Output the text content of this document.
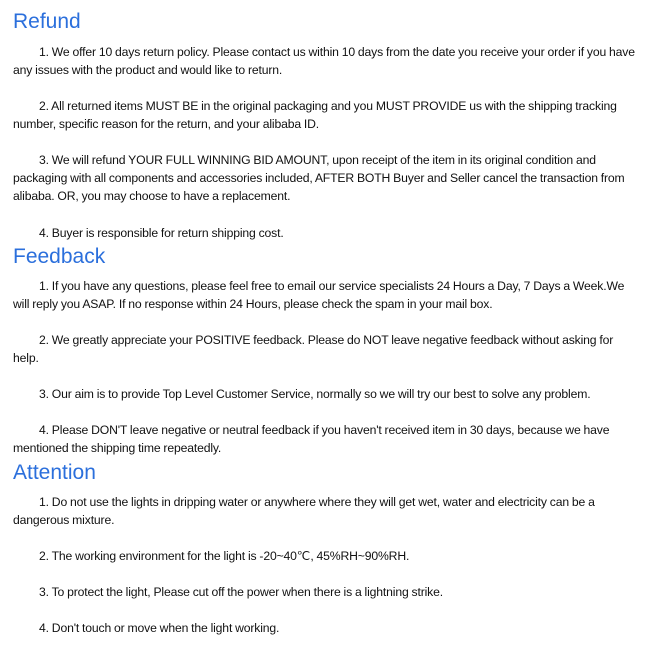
Refund
1. We offer 10 days return policy. Please contact us within 10 days from the date you receive your order if you have any issues with the product and would like to return.
2. All returned items MUST BE in the original packaging and you MUST PROVIDE us with the shipping tracking number, specific reason for the return, and your alibaba ID.
3. We will refund YOUR FULL WINNING BID AMOUNT, upon receipt of the item in its original condition and packaging with all components and accessories included, AFTER BOTH Buyer and Seller cancel the transaction from alibaba. OR, you may choose to have a replacement.
4. Buyer is responsible for return shipping cost.
Feedback
1. If you have any questions, please feel free to email our service specialists 24 Hours a Day, 7 Days a Week.We will reply you ASAP. If no response within 24 Hours, please check the spam in your mail box.
2. We greatly appreciate your POSITIVE feedback. Please do NOT leave negative feedback without asking for help.
3. Our aim is to provide Top Level Customer Service, normally so we will try our best to solve any problem.
4. Please DON'T leave negative or neutral feedback if you haven't received item in 30 days, because we have mentioned the shipping time repeatedly.
Attention
1. Do not use the lights in dripping water or anywhere where they will get wet, water and electricity can be a dangerous mixture.
2. The working environment for the light is -20~40℃, 45%RH~90%RH.
3. To protect the light, Please cut off the power when there is a lightning strike.
4. Don't touch or move when the light working.
